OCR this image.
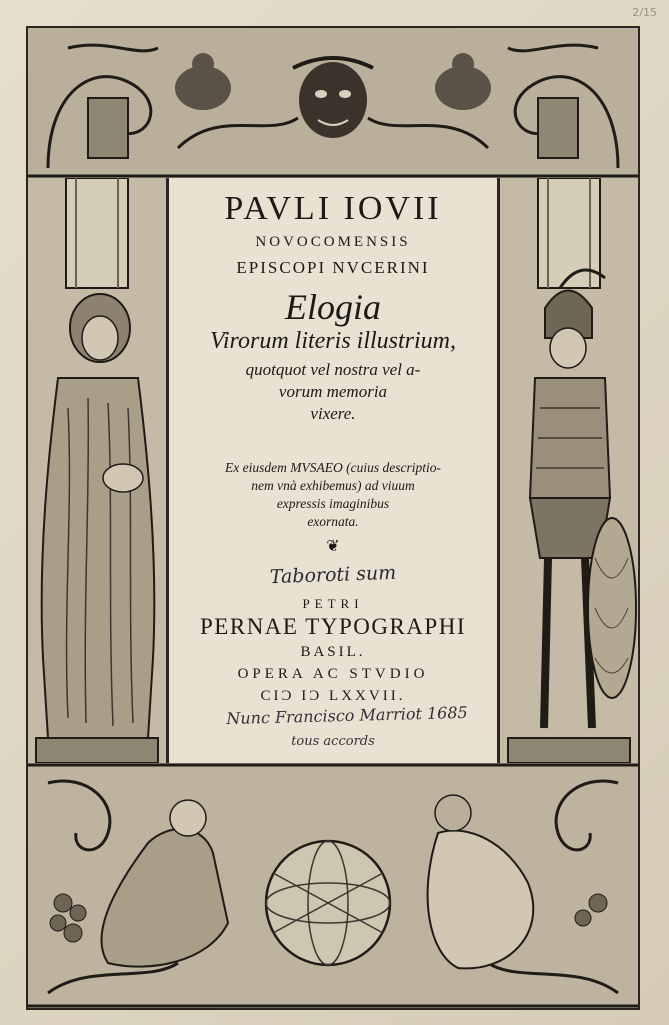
2/15
PAVLI IOVII
NOVOCOMENSIS
EPISCOPI NVCERINI
Elogia
Virorum literis illustrium,
quotquot vel nostra vel a-
vorum memoria
vixere.
Ex eiusdem MVSAEO (cuius descriptio-
nem vnà exhibemus) ad viuum
expressis imaginibus
exornata.
❦
Taboroti sum
PETRI
PERNAE TYPOGRAPHI
BASIL.
OPERA AC STVDIO
CIƆ IƆ LXXVII.
Nunc Francisco Marriot 1685
tous accords
